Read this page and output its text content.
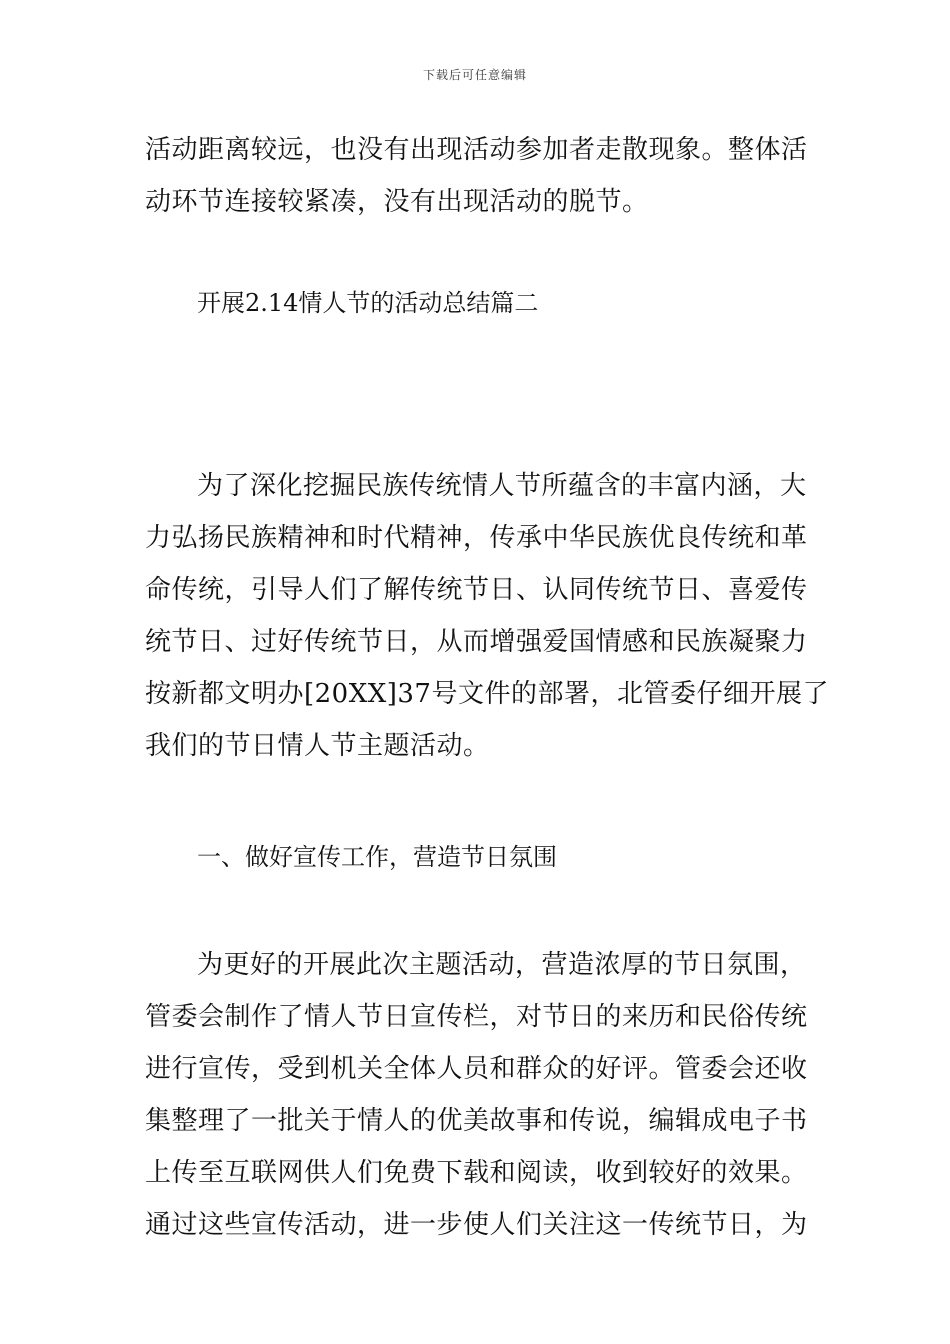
下载后可任意编辑
活动距离较远，也没有出现活动参加者走散现象。整体活
动环节连接较紧凑，没有出现活动的脱节。
开展2.14情人节的活动总结篇二
为了深化挖掘民族传统情人节所蕴含的丰富内涵，大
力弘扬民族精神和时代精神，传承中华民族优良传统和革
命传统，引导人们了解传统节日、认同传统节日、喜爱传
统节日、过好传统节日，从而增强爱国情感和民族凝聚力
按新都文明办[20XX]37号文件的部署，北管委仔细开展了
我们的节日情人节主题活动。
一、做好宣传工作，营造节日氛围
为更好的开展此次主题活动，营造浓厚的节日氛围，
管委会制作了情人节日宣传栏，对节日的来历和民俗传统
进行宣传，受到机关全体人员和群众的好评。管委会还收
集整理了一批关于情人的优美故事和传说，编辑成电子书
上传至互联网供人们免费下载和阅读，收到较好的效果。
通过这些宣传活动，进一步使人们关注这一传统节日，为
